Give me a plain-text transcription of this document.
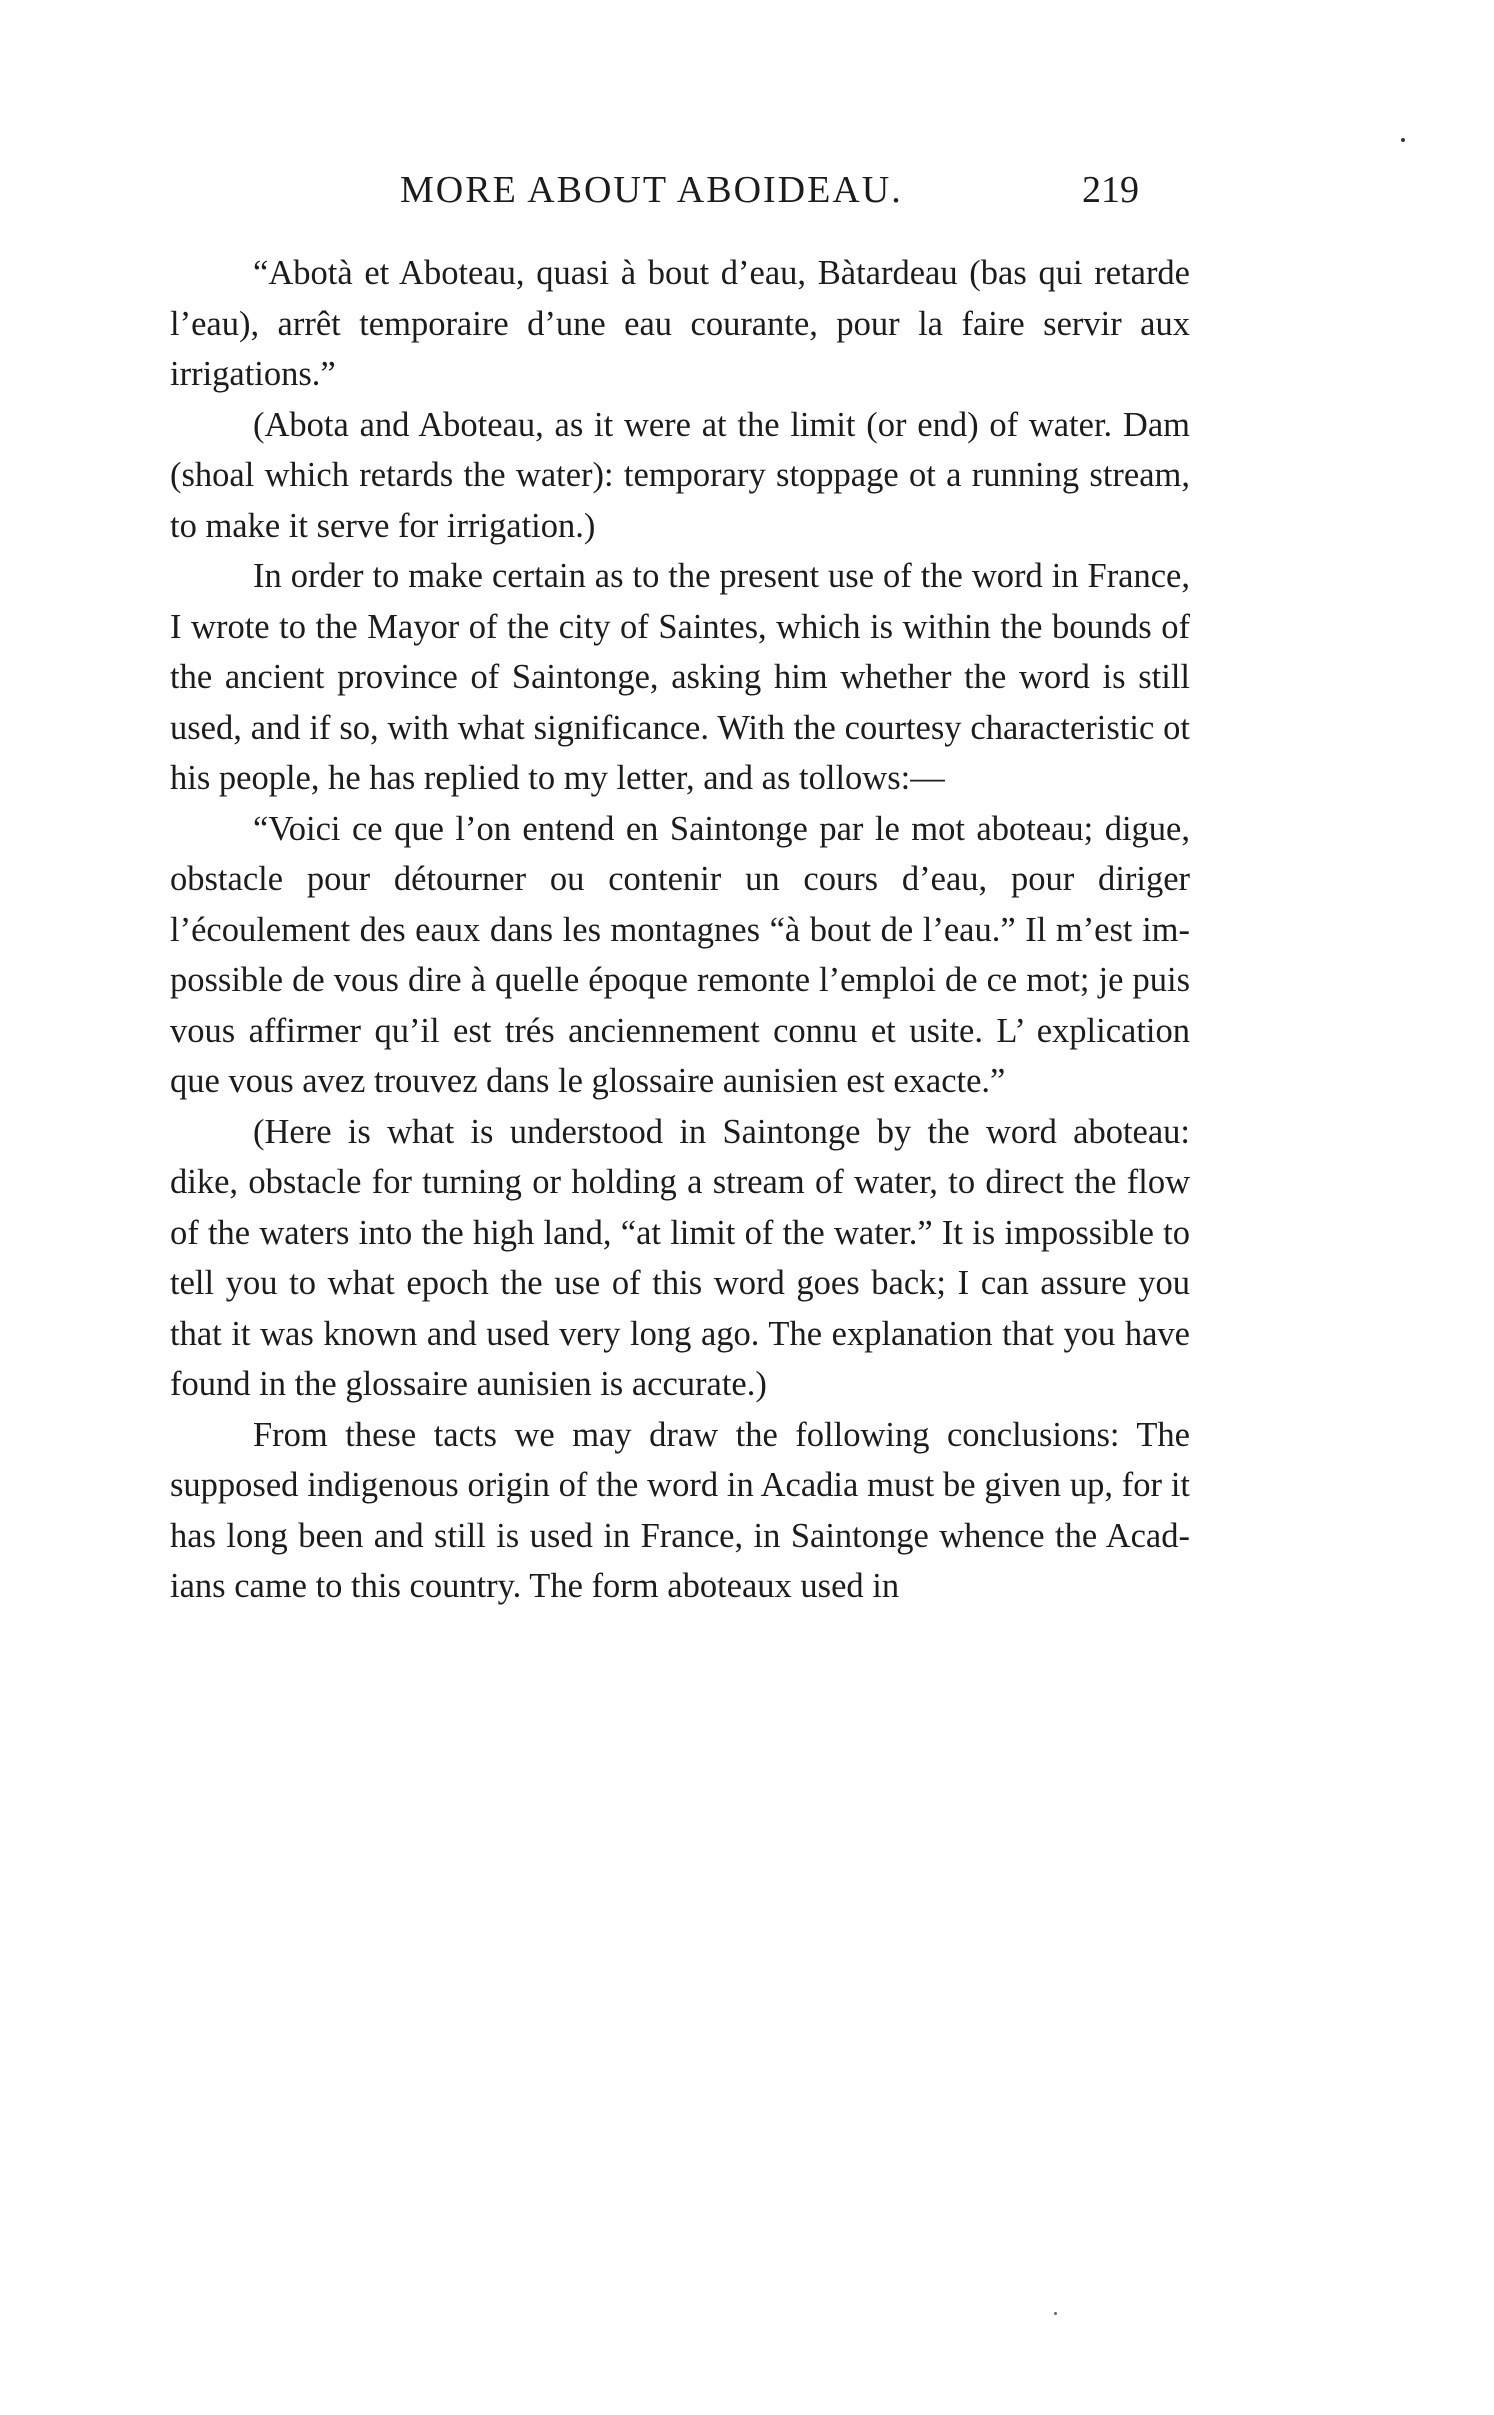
MORE ABOUT ABOIDEAU.	219

“Abotà et Aboteau, quasi à bout d’eau, Bàtardeau (bas qui retarde l’eau), arrêt temporaire d’une eau courante, pour la faire servir aux irrigations.”

(Abota and Aboteau, as it were at the limit (or end) of water. Dam (shoal which retards the water): temporary stoppage ot a running stream, to make it serve for irrigation.)

In order to make certain as to the present use of the word in France, I wrote to the Mayor of the city of Saintes, which is within the bounds of the ancient province of Saintonge, asking him whether the word is still used, and if so, with what significance. With the courtesy characteristic ot his people, he has replied to my letter, and as tollows:—

“Voici ce que l’on entend en Saintonge par le mot aboteau; digue, obstacle pour détourner ou contenir un cours d’eau, pour diriger l’écoulement des eaux dans les montagnes “à bout de l’eau.” Il m’est impossible de vous dire à quelle époque remonte l’emploi de ce mot; je puis vous affirmer qu’il est trés anciennement connu et usite. L’ explication que vous avez trouvez dans le glossaire aunisien est exacte.”

(Here is what is understood in Saintonge by the word aboteau: dike, obstacle for turning or holding a stream of water, to direct the flow of the waters into the high land, “at limit of the water.” It is impossible to tell you to what epoch the use of this word goes back; I can assure you that it was known and used very long ago. The explanation that you have found in the glossaire aunisien is accurate.)

From these tacts we may draw the following conclusions: The supposed indigenous origin of the word in Acadia must be given up, for it has long been and still is used in France, in Saintonge whence the Acadians came to this country. The form aboteaux used in
